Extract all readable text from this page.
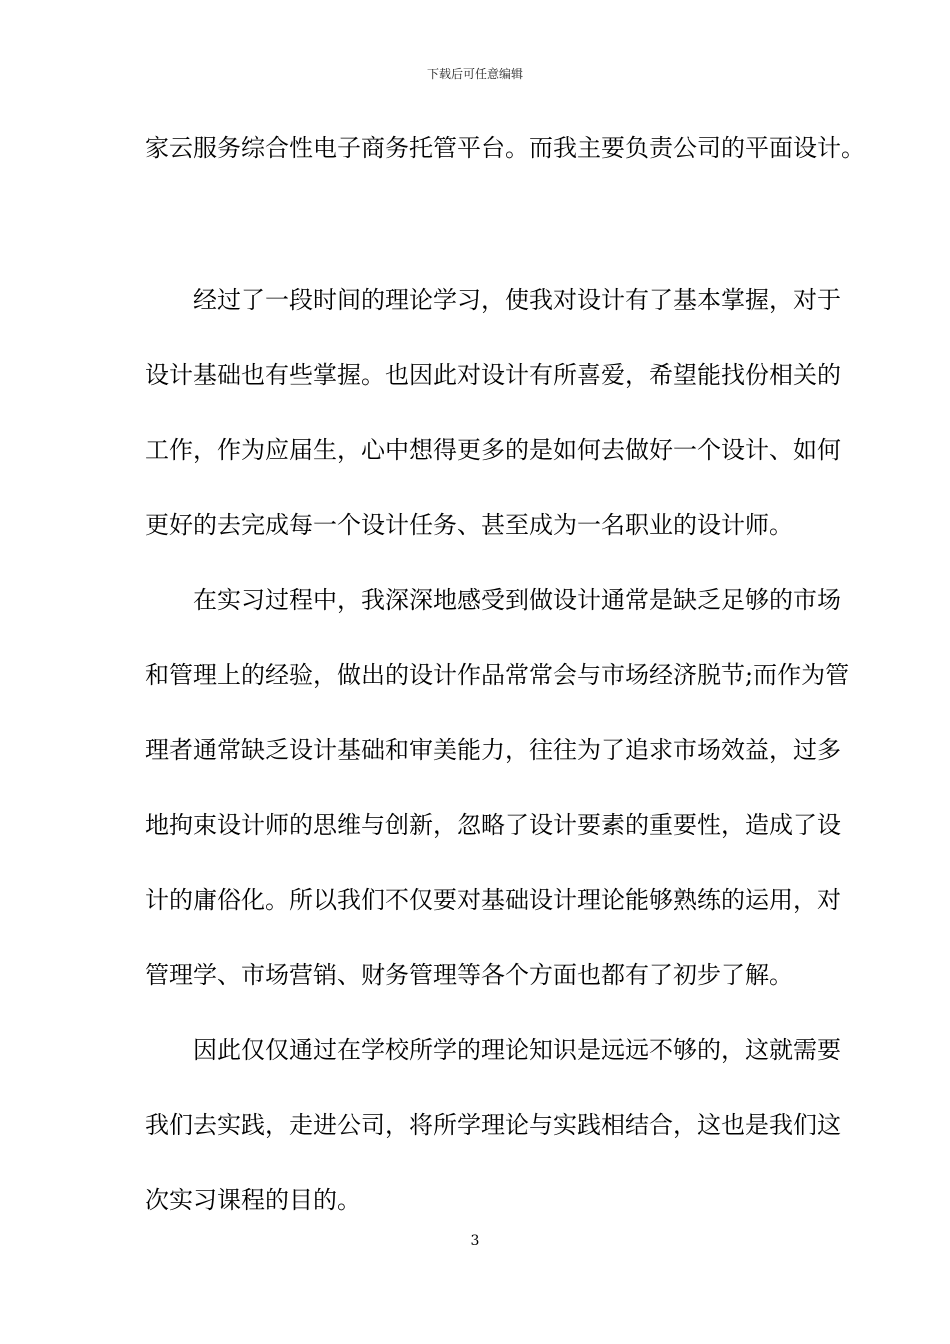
下载后可任意编辑
家云服务综合性电子商务托管平台。而我主要负责公司的平面设计。
经过了一段时间的理论学习，使我对设计有了基本掌握，对于
设计基础也有些掌握。也因此对设计有所喜爱，希望能找份相关的
工作，作为应届生，心中想得更多的是如何去做好一个设计、如何
更好的去完成每一个设计任务、甚至成为一名职业的设计师。
在实习过程中，我深深地感受到做设计通常是缺乏足够的市场
和管理上的经验，做出的设计作品常常会与市场经济脱节;而作为管
理者通常缺乏设计基础和审美能力，往往为了追求市场效益，过多
地拘束设计师的思维与创新，忽略了设计要素的重要性，造成了设
计的庸俗化。所以我们不仅要对基础设计理论能够熟练的运用，对
管理学、市场营销、财务管理等各个方面也都有了初步了解。
因此仅仅通过在学校所学的理论知识是远远不够的，这就需要
我们去实践，走进公司，将所学理论与实践相结合，这也是我们这
次实习课程的目的。
3
